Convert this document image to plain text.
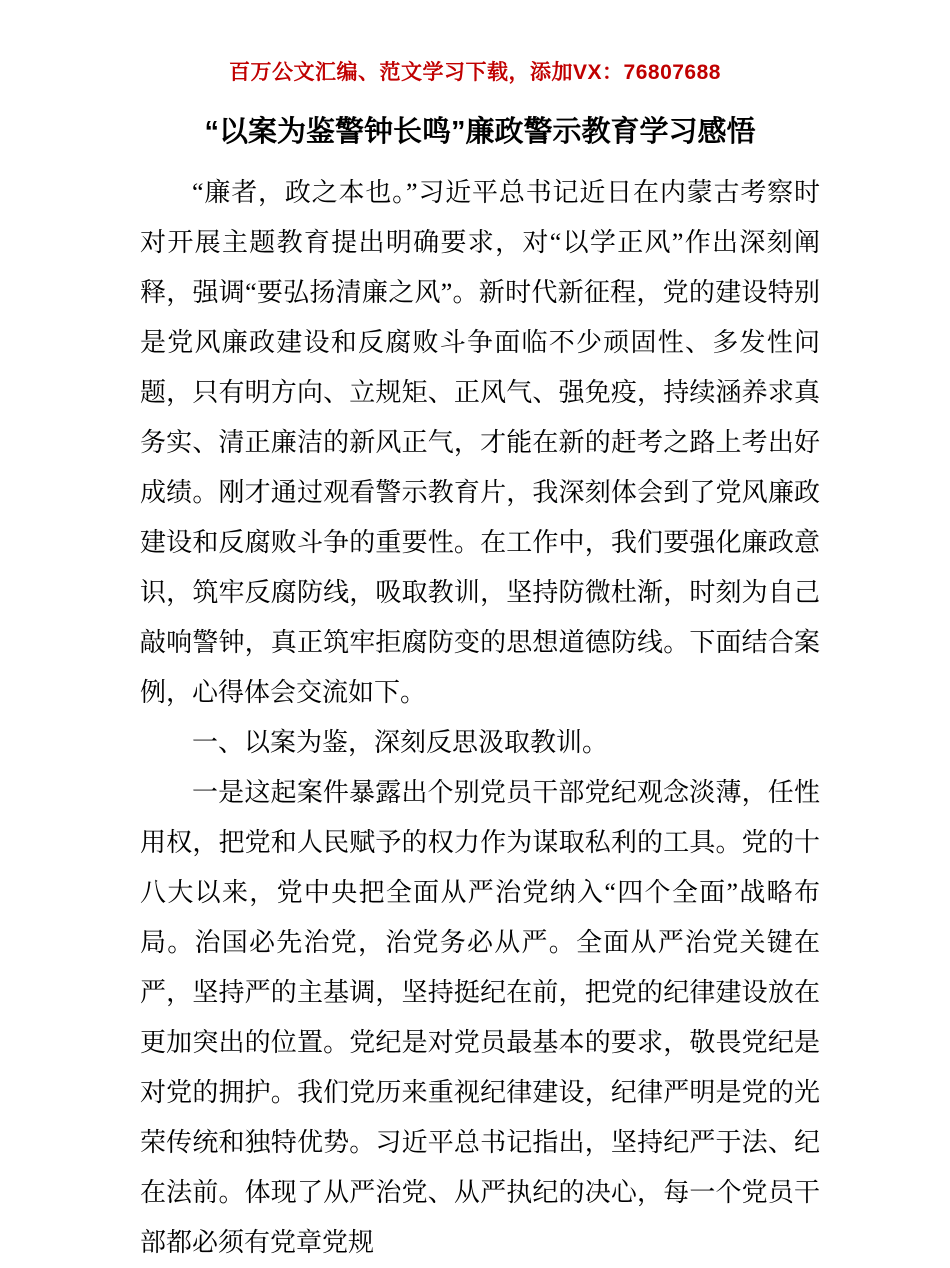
百万公文汇编、范文学习下载，添加VX：76807688
“以案为鉴警钟长鸣”廉政警示教育学习感悟

“廉者，政之本也。”习近平总书记近日在内蒙古考察时对开展主题教育提出明确要求，对“以学正风”作出深刻阐释，强调“要弘扬清廉之风”。新时代新征程，党的建设特别是党风廉政建设和反腐败斗争面临不少顽固性、多发性问题，只有明方向、立规矩、正风气、强免疫，持续涵养求真务实、清正廉洁的新风正气，才能在新的赶考之路上考出好成绩。刚才通过观看警示教育片，我深刻体会到了党风廉政建设和反腐败斗争的重要性。在工作中，我们要强化廉政意识，筑牢反腐防线，吸取教训，坚持防微杜渐，时刻为自己敲响警钟，真正筑牢拒腐防变的思想道德防线。下面结合案例，心得体会交流如下。

一、以案为鉴，深刻反思汲取教训。

一是这起案件暴露出个别党员干部党纪观念淡薄，任性用权，把党和人民赋予的权力作为谋取私利的工具。党的十八大以来，党中央把全面从严治党纳入“四个全面”战略布局。治国必先治党，治党务必从严。全面从严治党关键在严，坚持严的主基调，坚持挺纪在前，把党的纪律建设放在更加突出的位置。党纪是对党员最基本的要求，敬畏党纪是对党的拥护。我们党历来重视纪律建设，纪律严明是党的光荣传统和独特优势。习近平总书记指出，坚持纪严于法、纪在法前。体现了从严治党、从严执纪的决心，每一个党员干部都必须有党章党规
